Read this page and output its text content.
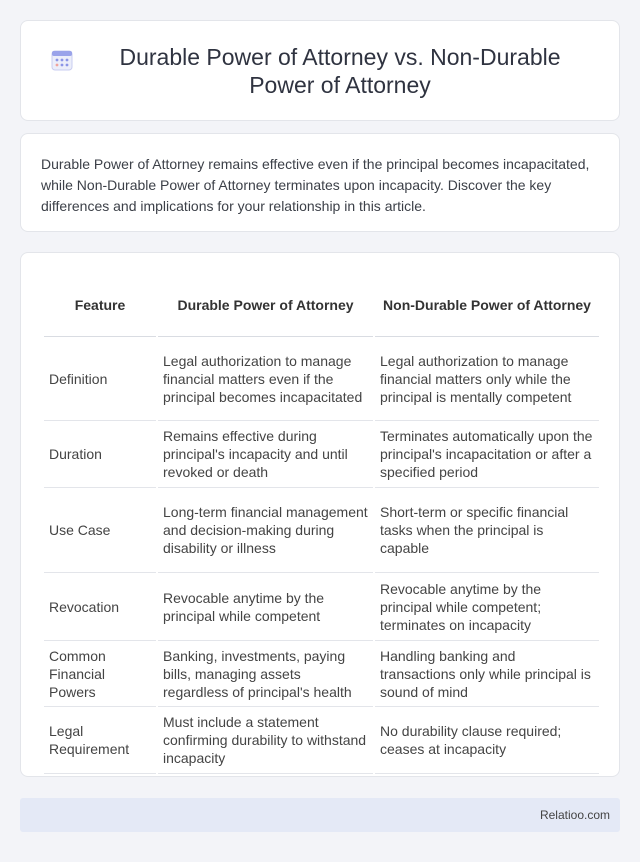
Durable Power of Attorney vs. Non-Durable Power of Attorney

Durable Power of Attorney remains effective even if the principal becomes incapacitated, while Non-Durable Power of Attorney terminates upon incapacity. Discover the key differences and implications for your relationship in this article.

Feature	Durable Power of Attorney	Non-Durable Power of Attorney
Definition	Legal authorization to manage financial matters even if the principal becomes incapacitated	Legal authorization to manage financial matters only while the principal is mentally competent
Duration	Remains effective during principal's incapacity and until revoked or death	Terminates automatically upon the principal's incapacitation or after a specified period
Use Case	Long-term financial management and decision-making during disability or illness	Short-term or specific financial tasks when the principal is capable
Revocation	Revocable anytime by the principal while competent	Revocable anytime by the principal while competent; terminates on incapacity
Common Financial Powers	Banking, investments, paying bills, managing assets regardless of principal's health	Handling banking and transactions only while principal is sound of mind
Legal Requirement	Must include a statement confirming durability to withstand incapacity	No durability clause required; ceases at incapacity
Relatioo.com
